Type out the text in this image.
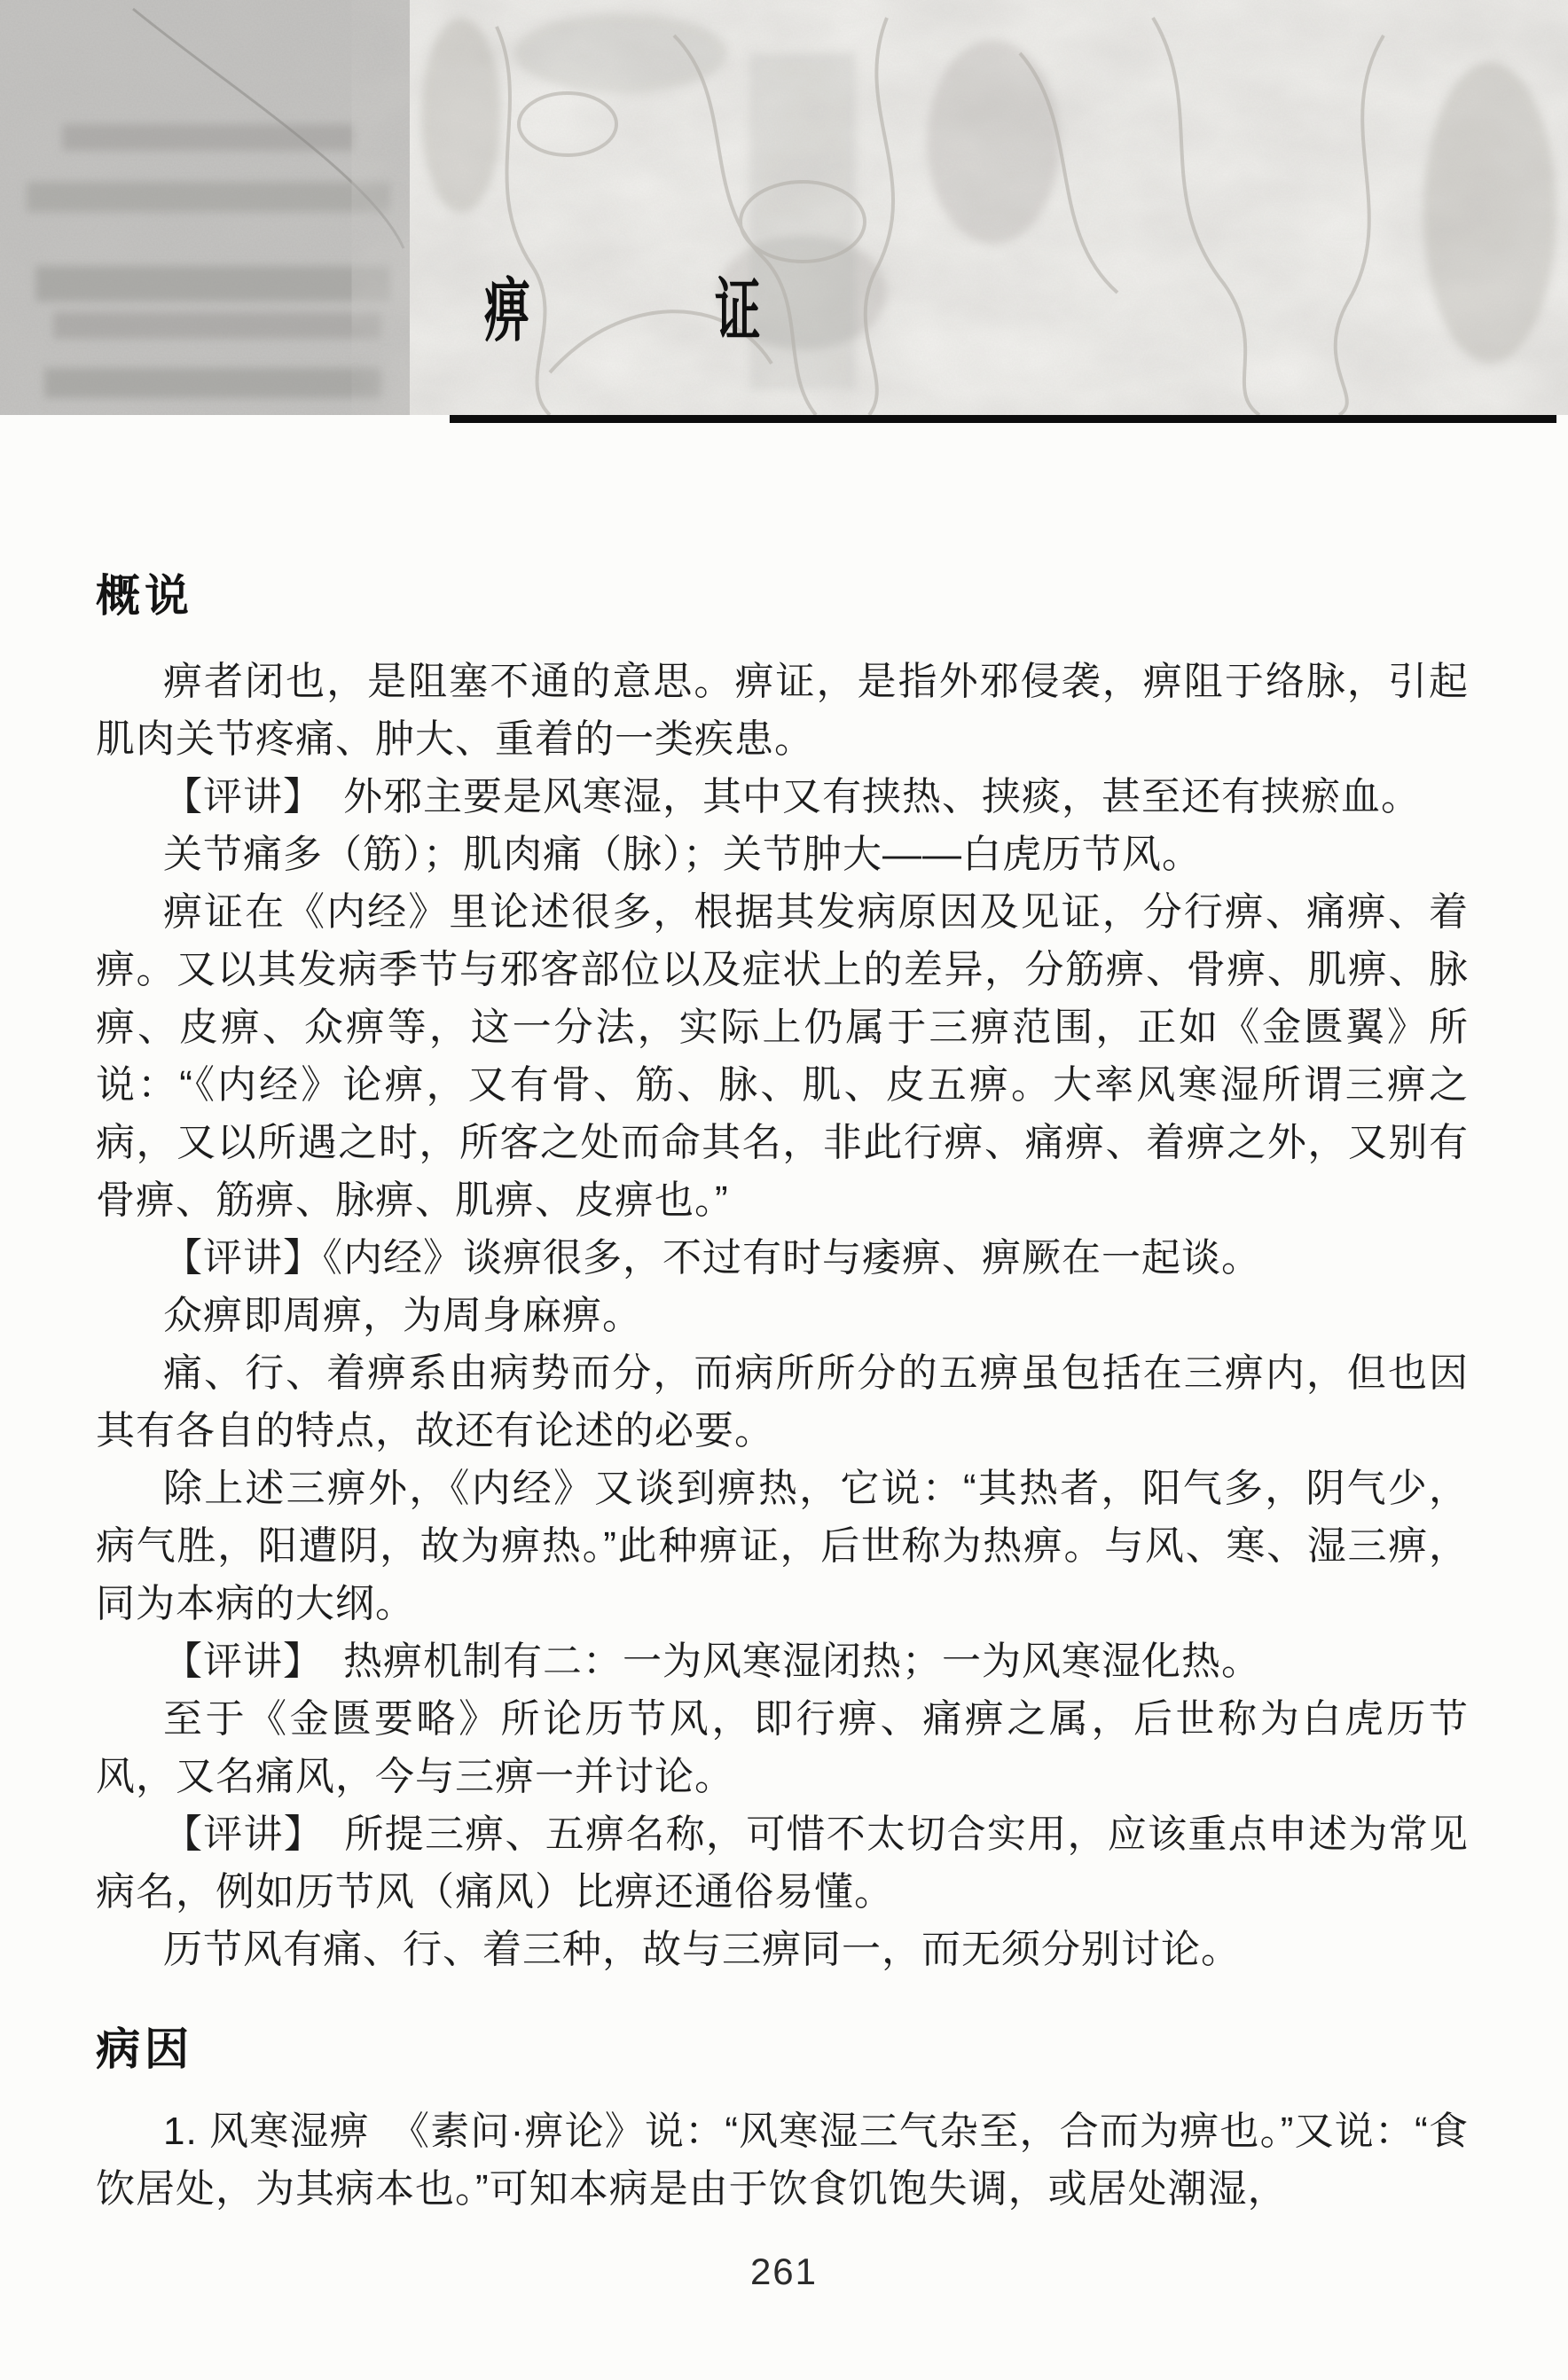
痹	证
概说

痹者闭也，是阻塞不通的意思。痹证，是指外邪侵袭，痹阻于络脉，引起肌肉关节疼痛、肿大、重着的一类疾患。

【评讲】　外邪主要是风寒湿，其中又有挟热、挟痰，甚至还有挟瘀血。

关节痛多（筋）；肌肉痛（脉）；关节肿大——白虎历节风。

痹证在《内经》里论述很多，根据其发病原因及见证，分行痹、痛痹、着痹。又以其发病季节与邪客部位以及症状上的差异，分筋痹、骨痹、肌痹、脉痹、皮痹、众痹等，这一分法，实际上仍属于三痹范围，正如《金匮翼》所说：“《内经》论痹，又有骨、筋、脉、肌、皮五痹。大率风寒湿所谓三痹之病，又以所遇之时，所客之处而命其名，非此行痹、痛痹、着痹之外，又别有骨痹、筋痹、脉痹、肌痹、皮痹也。”

【评讲】《内经》谈痹很多，不过有时与痿痹、痹厥在一起谈。

众痹即周痹，为周身麻痹。

痛、行、着痹系由病势而分，而病所所分的五痹虽包括在三痹内，但也因其有各自的特点，故还有论述的必要。

除上述三痹外，《内经》又谈到痹热，它说：“其热者，阳气多，阴气少，病气胜，阳遭阴，故为痹热。”此种痹证，后世称为热痹。与风、寒、湿三痹，同为本病的大纲。

【评讲】　热痹机制有二：一为风寒湿闭热；一为风寒湿化热。

至于《金匮要略》所论历节风，即行痹、痛痹之属，后世称为白虎历节风，又名痛风，今与三痹一并讨论。

【评讲】　所提三痹、五痹名称，可惜不太切合实用，应该重点申述为常见病名，例如历节风（痛风）比痹还通俗易懂。

历节风有痛、行、着三种，故与三痹同一，而无须分别讨论。

病因

1. 风寒湿痹　《素问·痹论》说：“风寒湿三气杂至，合而为痹也。”又说：“食饮居处，为其病本也。”可知本病是由于饮食饥饱失调，或居处潮湿，

261
